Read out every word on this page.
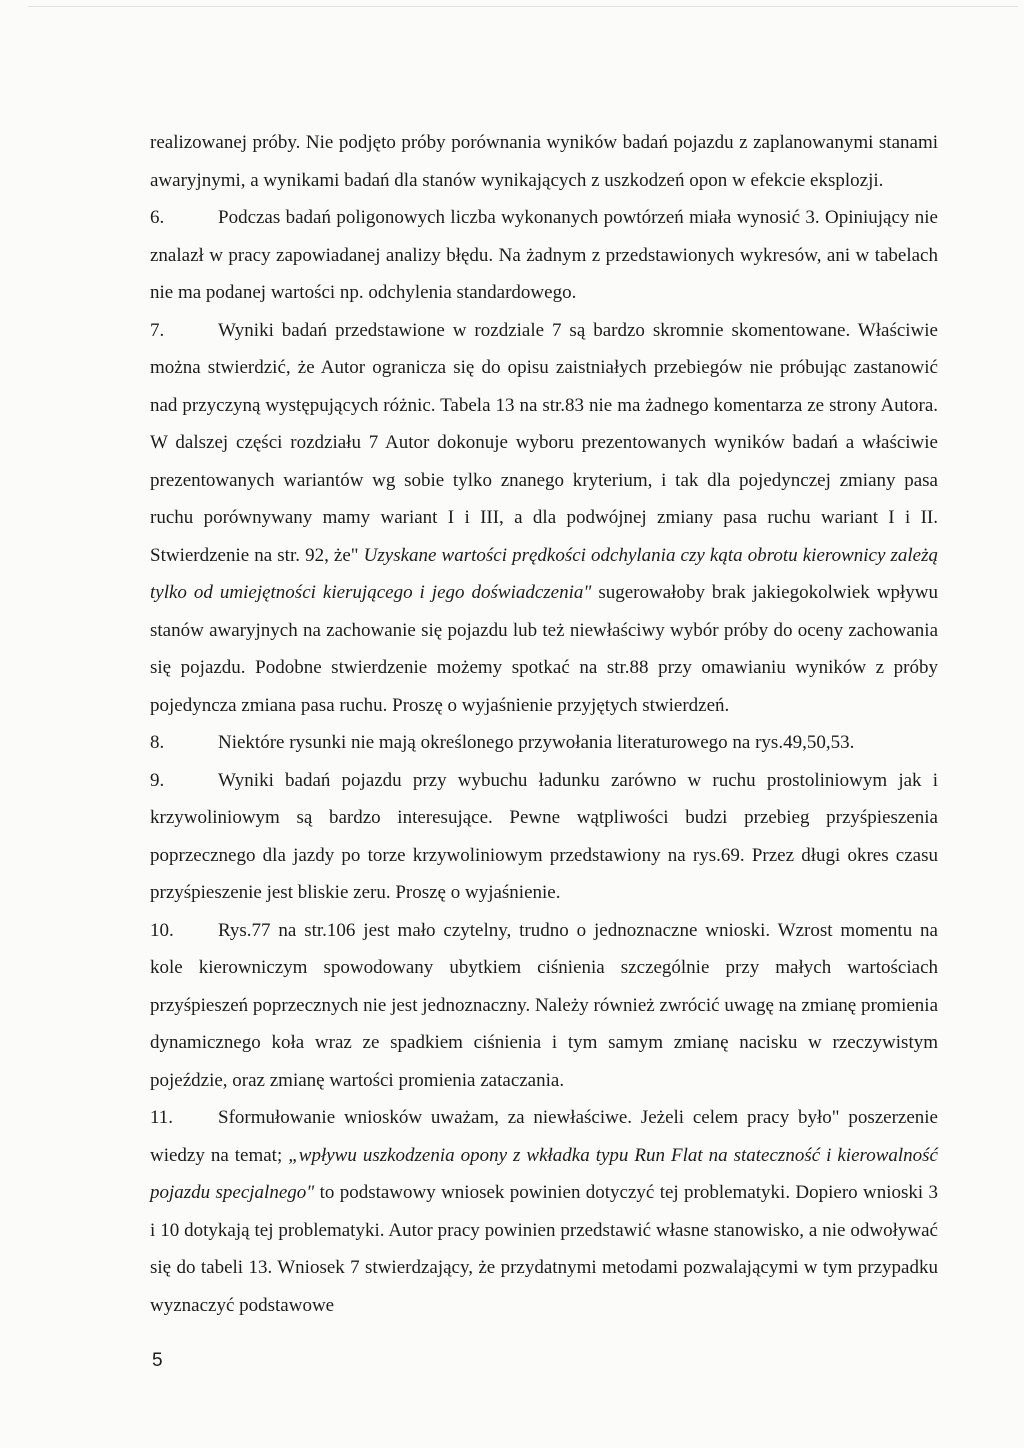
realizowanej próby. Nie podjęto próby porównania wyników badań pojazdu z zaplanowanymi stanami awaryjnymi, a wynikami badań dla stanów wynikających z uszkodzeń opon w efekcie eksplozji.

6.	Podczas badań poligonowych liczba wykonanych powtórzeń miała wynosić 3. Opiniujący nie znalazł w pracy zapowiadanej analizy błędu. Na żadnym z przedstawionych wykresów, ani w tabelach nie ma podanej wartości np. odchylenia standardowego.

7.	Wyniki badań przedstawione w rozdziale 7 są bardzo skromnie skomentowane. Właściwie można stwierdzić, że Autor ogranicza się do opisu zaistniałych przebiegów nie próbując zastanowić nad przyczyną występujących różnic. Tabela 13 na str.83 nie ma żadnego komentarza ze strony Autora. W dalszej części rozdziału 7 Autor dokonuje wyboru prezentowanych wyników badań a właściwie prezentowanych wariantów wg sobie tylko znanego kryterium, i tak dla pojedynczej zmiany pasa ruchu porównywany mamy wariant I i III, a dla podwójnej zmiany pasa ruchu wariant I i II. Stwierdzenie na str. 92, że" Uzyskane wartości prędkości odchylania czy kąta obrotu kierownicy zależą tylko od umiejętności kierującego i jego doświadczenia" sugerowałoby brak jakiegokolwiek wpływu stanów awaryjnych na zachowanie się pojazdu lub też niewłaściwy wybór próby do oceny zachowania się pojazdu. Podobne stwierdzenie możemy spotkać na str.88 przy omawianiu wyników z próby pojedyncza zmiana pasa ruchu. Proszę o wyjaśnienie przyjętych stwierdzeń.

8.	Niektóre rysunki nie mają określonego przywołania literaturowego na rys.49,50,53.

9.	Wyniki badań pojazdu przy wybuchu ładunku zarówno w ruchu prostoliniowym jak i krzywoliniowym są bardzo interesujące. Pewne wątpliwości budzi przebieg przyśpieszenia poprzecznego dla jazdy po torze krzywoliniowym przedstawiony na rys.69. Przez długi okres czasu przyśpieszenie jest bliskie zeru. Proszę o wyjaśnienie.

10. Rys.77 na str.106 jest mało czytelny, trudno o jednoznaczne wnioski. Wzrost momentu na kole kierowniczym spowodowany ubytkiem ciśnienia szczególnie przy małych wartościach przyśpieszeń poprzecznych nie jest jednoznaczny. Należy również zwrócić uwagę na zmianę promienia dynamicznego koła wraz ze spadkiem ciśnienia i tym samym zmianę nacisku w rzeczywistym pojeździe, oraz zmianę wartości promienia zataczania.

11. Sformułowanie wniosków uważam, za niewłaściwe. Jeżeli celem pracy było" poszerzenie wiedzy na temat; „wpływu uszkodzenia opony z wkładka typu Run Flat na stateczność i kierowalność pojazdu specjalnego" to podstawowy wniosek powinien dotyczyć tej problematyki. Dopiero wnioski 3 i 10 dotykają tej problematyki. Autor pracy powinien przedstawić własne stanowisko, a nie odwoływać się do tabeli 13. Wniosek 7 stwierdzający, że przydatnymi metodami pozwalającymi w tym przypadku wyznaczyć podstawowe

5
